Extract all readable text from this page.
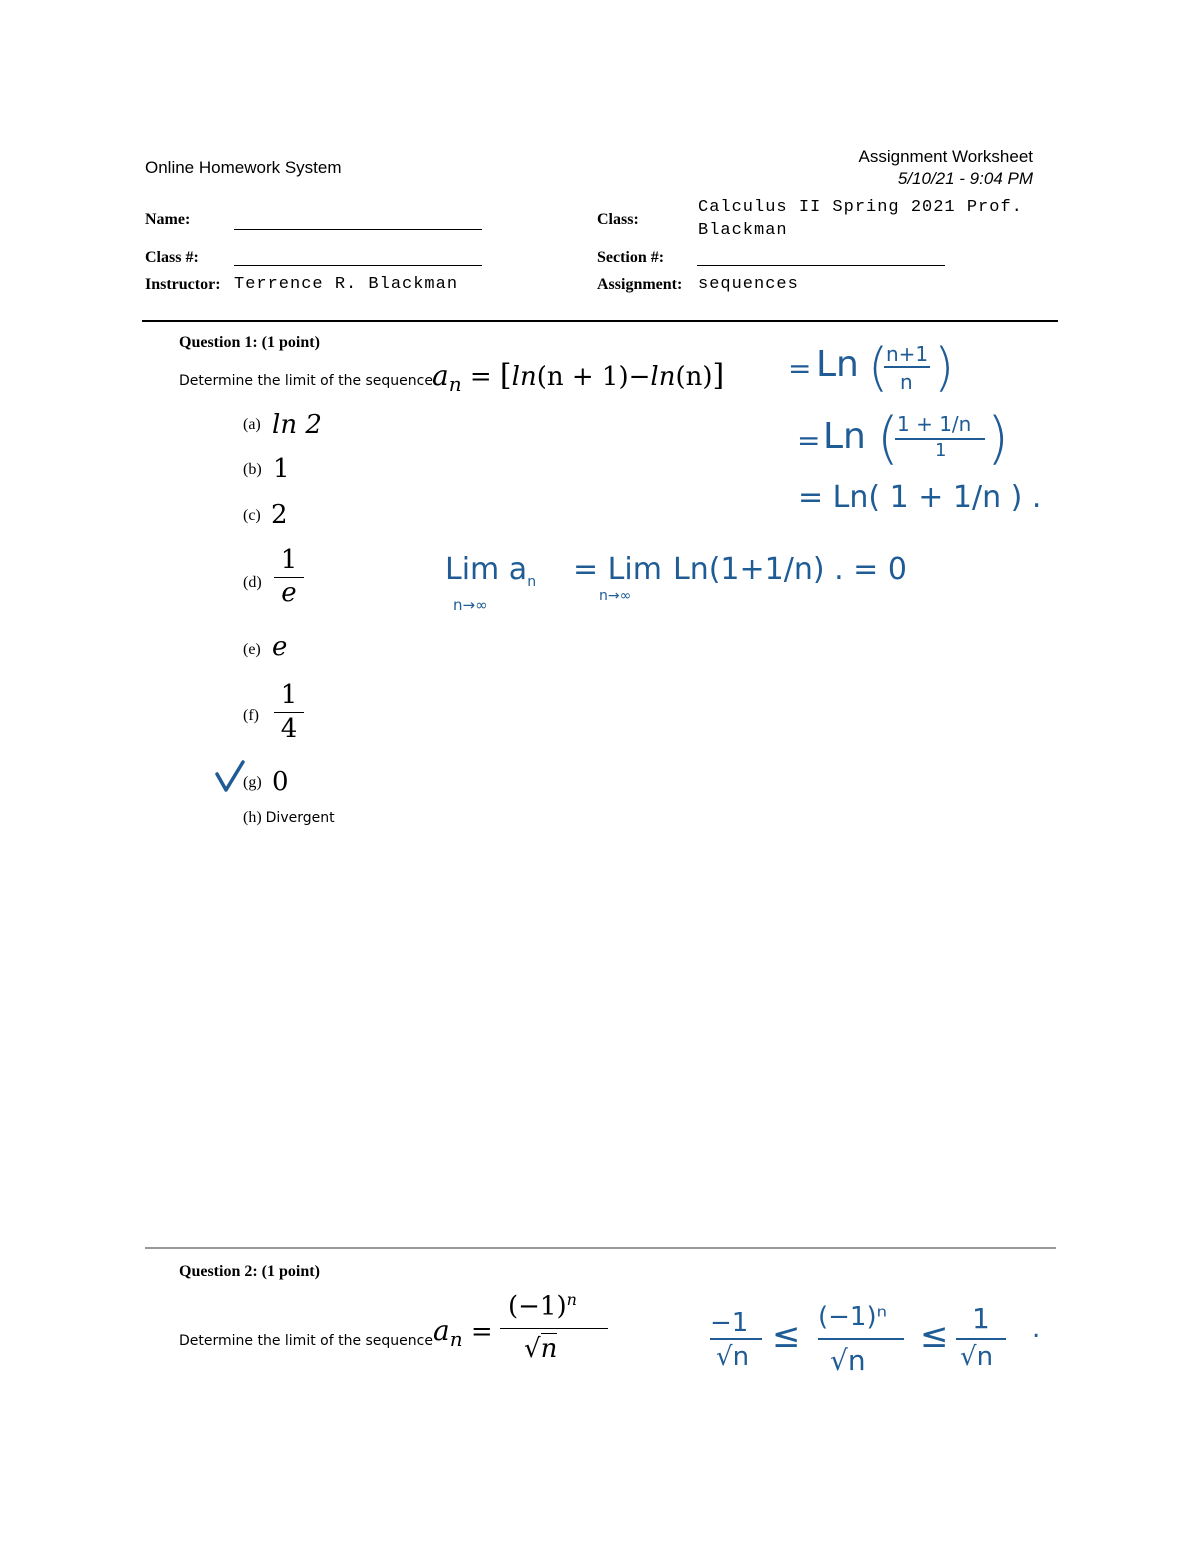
Online Homework System
Assignment Worksheet
5/10/21 - 9:04 PM
Name:	Class:
Calculus II Spring 2021 Prof.
Blackman
Class #:	Section #:
Instructor: Terrence R. Blackman	Assignment: sequences
Question 1: (1 point)
Determine the limit of the sequence $a_n = [\ln(n + 1)-\ln(n)]$
(a) ln 2
(b) 1
(c) 2
(d)
1
e
(e) e
(f)
1
4
(g) 0
(h) Divergent
= Ln (
n+1
n )
= Ln (
1 + 1/n
1 )
= Ln( 1 + 1/n ) .
Lim $a_n$
n→∞
= Lim
n→∞
Ln(1+1/n) . = 0
Question 2: (1 point)
Determine the limit of the sequence $a_n$ =
$(-1)^n$
√n
−1
√n
≤ (−1)ⁿ
√n
≤ 1
√n
.
